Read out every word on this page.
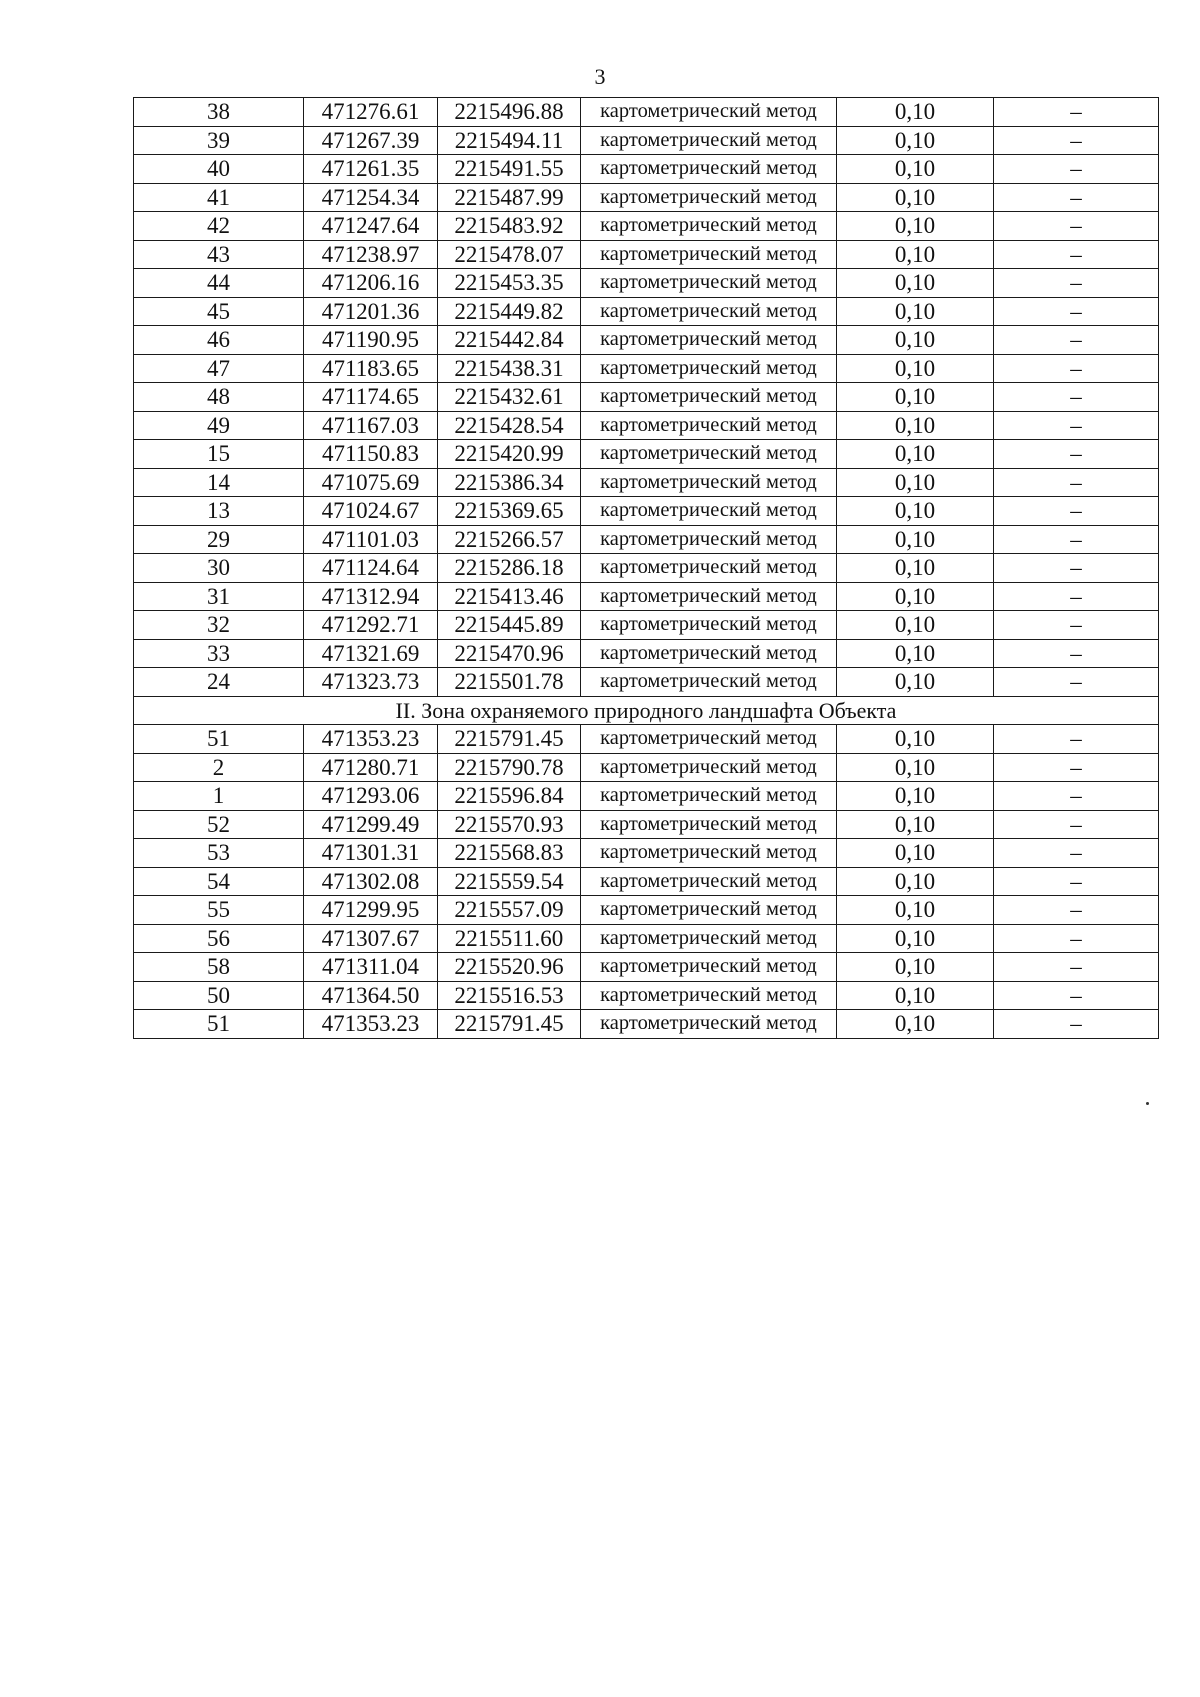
3
38	471276.61	2215496.88	картометрический метод	0,10	–
39	471267.39	2215494.11	картометрический метод	0,10	–
40	471261.35	2215491.55	картометрический метод	0,10	–
41	471254.34	2215487.99	картометрический метод	0,10	–
42	471247.64	2215483.92	картометрический метод	0,10	–
43	471238.97	2215478.07	картометрический метод	0,10	–
44	471206.16	2215453.35	картометрический метод	0,10	–
45	471201.36	2215449.82	картометрический метод	0,10	–
46	471190.95	2215442.84	картометрический метод	0,10	–
47	471183.65	2215438.31	картометрический метод	0,10	–
48	471174.65	2215432.61	картометрический метод	0,10	–
49	471167.03	2215428.54	картометрический метод	0,10	–
15	471150.83	2215420.99	картометрический метод	0,10	–
14	471075.69	2215386.34	картометрический метод	0,10	–
13	471024.67	2215369.65	картометрический метод	0,10	–
29	471101.03	2215266.57	картометрический метод	0,10	–
30	471124.64	2215286.18	картометрический метод	0,10	–
31	471312.94	2215413.46	картометрический метод	0,10	–
32	471292.71	2215445.89	картометрический метод	0,10	–
33	471321.69	2215470.96	картометрический метод	0,10	–
24	471323.73	2215501.78	картометрический метод	0,10	–
II. Зона охраняемого природного ландшафта Объекта					
51	471353.23	2215791.45	картометрический метод	0,10	–
2	471280.71	2215790.78	картометрический метод	0,10	–
1	471293.06	2215596.84	картометрический метод	0,10	–
52	471299.49	2215570.93	картометрический метод	0,10	–
53	471301.31	2215568.83	картометрический метод	0,10	–
54	471302.08	2215559.54	картометрический метод	0,10	–
55	471299.95	2215557.09	картометрический метод	0,10	–
56	471307.67	2215511.60	картометрический метод	0,10	–
58	471311.04	2215520.96	картометрический метод	0,10	–
50	471364.50	2215516.53	картометрический метод	0,10	–
51	471353.23	2215791.45	картометрический метод	0,10	–
